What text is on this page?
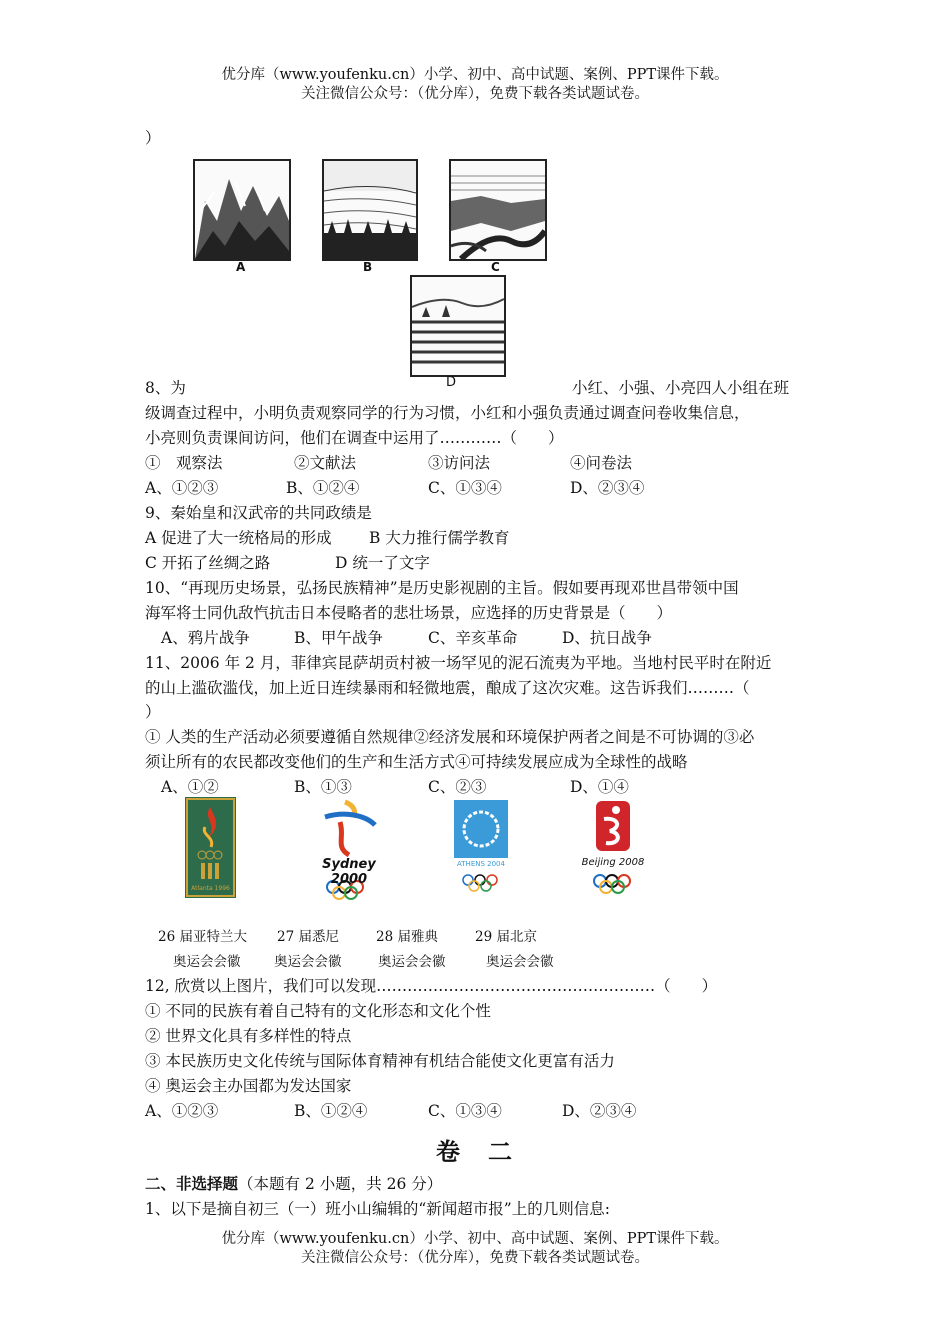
优分库（www.youfenku.cn）小学、初中、高中试题、案例、PPT课件下载。
关注微信公众号：（优分库），免费下载各类试题试卷。
）
A	B	C
D
8、为	小红、小强、小亮四人小组在班
级调查过程中，小明负责观察同学的行为习惯，小红和小强负责通过调查问卷收集信息，
小亮则负责课间访问，他们在调查中运用了…………（　　）
①　观察法	②文献法	③访问法	④问卷法
A、①②③	B、①②④	C、①③④	D、②③④
9、秦始皇和汉武帝的共同政绩是
A 促进了大一统格局的形成 B 大力推行儒学教育
C 开拓了丝绸之路	D 统一了文字
10、“再现历史场景，弘扬民族精神”是历史影视剧的主旨。假如要再现邓世昌带领中国
海军将士同仇敌忾抗击日本侵略者的悲壮场景，应选择的历史背景是（　　）
A、鸦片战争	B、甲午战争	C、辛亥革命	D、抗日战争
11、2006 年 2 月，菲律宾昆萨胡贡村被一场罕见的泥石流夷为平地。当地村民平时在附近
的山上滥砍滥伐，加上近日连续暴雨和轻微地震，酿成了这次灾难。这告诉我们………（
）
① 人类的生产活动必须要遵循自然规律②经济发展和环境保护两者之间是不可协调的③必
须让所有的农民都改变他们的生产和生活方式④可持续发展应成为全球性的战略
A、①②	B、①③	C、②③	D、①④
Atlanta 1996
Sydney 2000
ATHENS 2004	Beijing 2008
26 届亚特兰大 27 届悉尼	28 届雅典	29 届北京
奥运会会徽 奥运会会徽	奥运会会徽	奥运会会徽
12, 欣赏以上图片，我们可以发现………………………………………………（　　）
① 不同的民族有着自己特有的文化形态和文化个性
② 世界文化具有多样性的特点
③ 本民族历史文化传统与国际体育精神有机结合能使文化更富有活力
④ 奥运会主办国都为发达国家
A、①②③	B、①②④	C、①③④	D、②③④
卷　二
二、非选择题（本题有 2 小题，共 26 分）
1、以下是摘自初三（一）班小山编辑的“新闻超市报”上的几则信息:
优分库（www.youfenku.cn）小学、初中、高中试题、案例、PPT课件下载。
关注微信公众号：（优分库），免费下载各类试题试卷。
